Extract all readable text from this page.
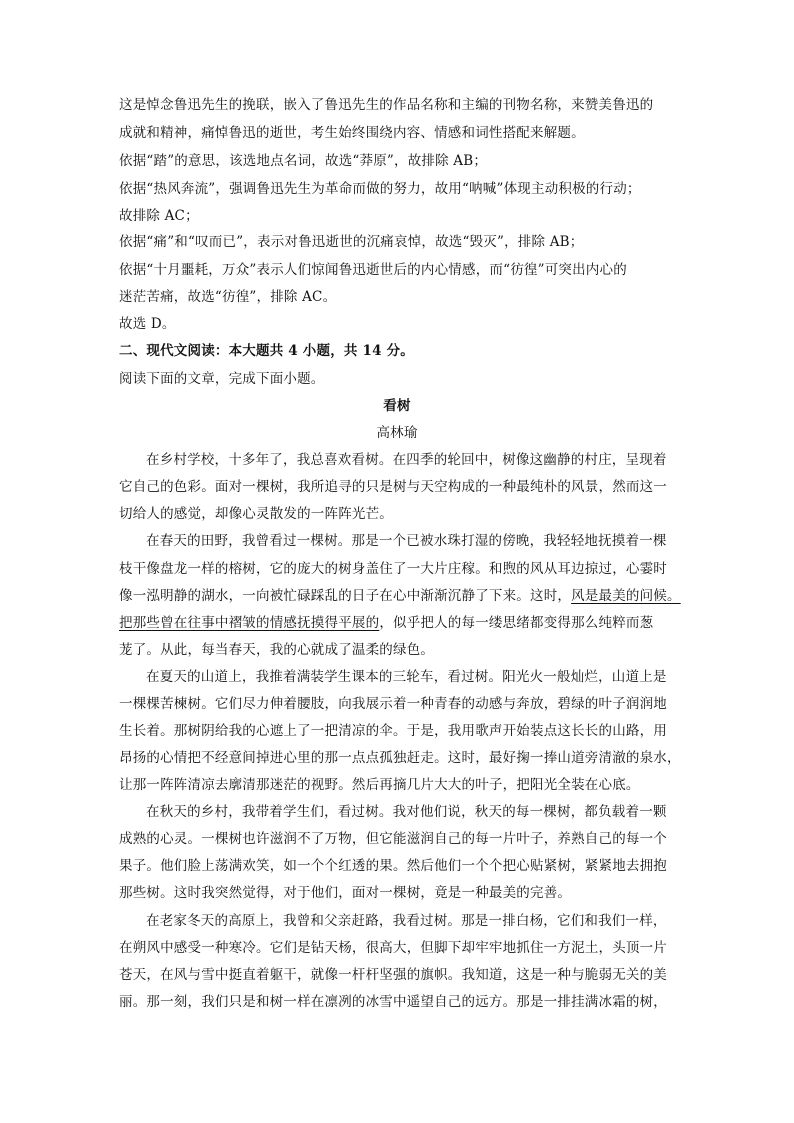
这是悼念鲁迅先生的挽联，嵌入了鲁迅先生的作品名称和主编的刊物名称，来赞美鲁迅的
成就和精神，痛悼鲁迅的逝世，考生始终围绕内容、情感和词性搭配来解题。
依据“踏”的意思，该选地点名词，故选“莽原”，故排除 AB；
依据“热风奔流”，强调鲁迅先生为革命而做的努力，故用“呐喊”体现主动积极的行动；
故排除 AC；
依据“痛”和“叹而已”，表示对鲁迅逝世的沉痛哀悼，故选“毁灭”，排除 AB；
依据“十月噩耗，万众”表示人们惊闻鲁迅逝世后的内心情感，而“彷徨”可突出内心的
迷茫苦痛，故选“彷徨”，排除 AC。
故选 D。
二、现代文阅读：本大题共 4 小题，共 14 分。
阅读下面的文章，完成下面小题。
看树
高林瑜
在乡村学校，十多年了，我总喜欢看树。在四季的轮回中，树像这幽静的村庄，呈现着
它自己的色彩。面对一棵树，我所追寻的只是树与天空构成的一种最纯朴的风景，然而这一
切给人的感觉，却像心灵散发的一阵阵光芒。
在春天的田野，我曾看过一棵树。那是一个已被水珠打湿的傍晚，我轻轻地抚摸着一棵
枝干像盘龙一样的榕树，它的庞大的树身盖住了一大片庄稼。和煦的风从耳边掠过，心霎时
像一泓明静的湖水，一向被忙碌踩乱的日子在心中渐渐沉静了下来。这时，风是最美的问候。
把那些曾在往事中褶皱的情感抚摸得平展的，似乎把人的每一缕思绪都变得那么纯粹而葱
茏了。从此，每当春天，我的心就成了温柔的绿色。
在夏天的山道上，我推着满装学生课本的三轮车，看过树。阳光火一般灿烂，山道上是
一棵棵苦楝树。它们尽力伸着腰肢，向我展示着一种青春的动感与奔放，碧绿的叶子润润地
生长着。那树阴给我的心遮上了一把清凉的伞。于是，我用歌声开始装点这长长的山路，用
昂扬的心情把不经意间掉进心里的那一点点孤独赶走。这时，最好掬一捧山道旁清澈的泉水，
让那一阵阵清凉去廓清那迷茫的视野。然后再摘几片大大的叶子，把阳光全装在心底。
在秋天的乡村，我带着学生们，看过树。我对他们说，秋天的每一棵树，都负载着一颗
成熟的心灵。一棵树也许滋润不了万物，但它能滋润自己的每一片叶子，养熟自己的每一个
果子。他们脸上荡满欢笑，如一个个红透的果。然后他们一个个把心贴紧树，紧紧地去拥抱
那些树。这时我突然觉得，对于他们，面对一棵树，竟是一种最美的完善。
在老家冬天的高原上，我曾和父亲赶路，我看过树。那是一排白杨，它们和我们一样，
在朔风中感受一种寒冷。它们是钻天杨，很高大，但脚下却牢牢地抓住一方泥土，头顶一片
苍天，在风与雪中挺直着躯干，就像一杆杆坚强的旗帜。我知道，这是一种与脆弱无关的美
丽。那一刻，我们只是和树一样在凛冽的冰雪中遥望自己的远方。那是一排挂满冰霜的树，
